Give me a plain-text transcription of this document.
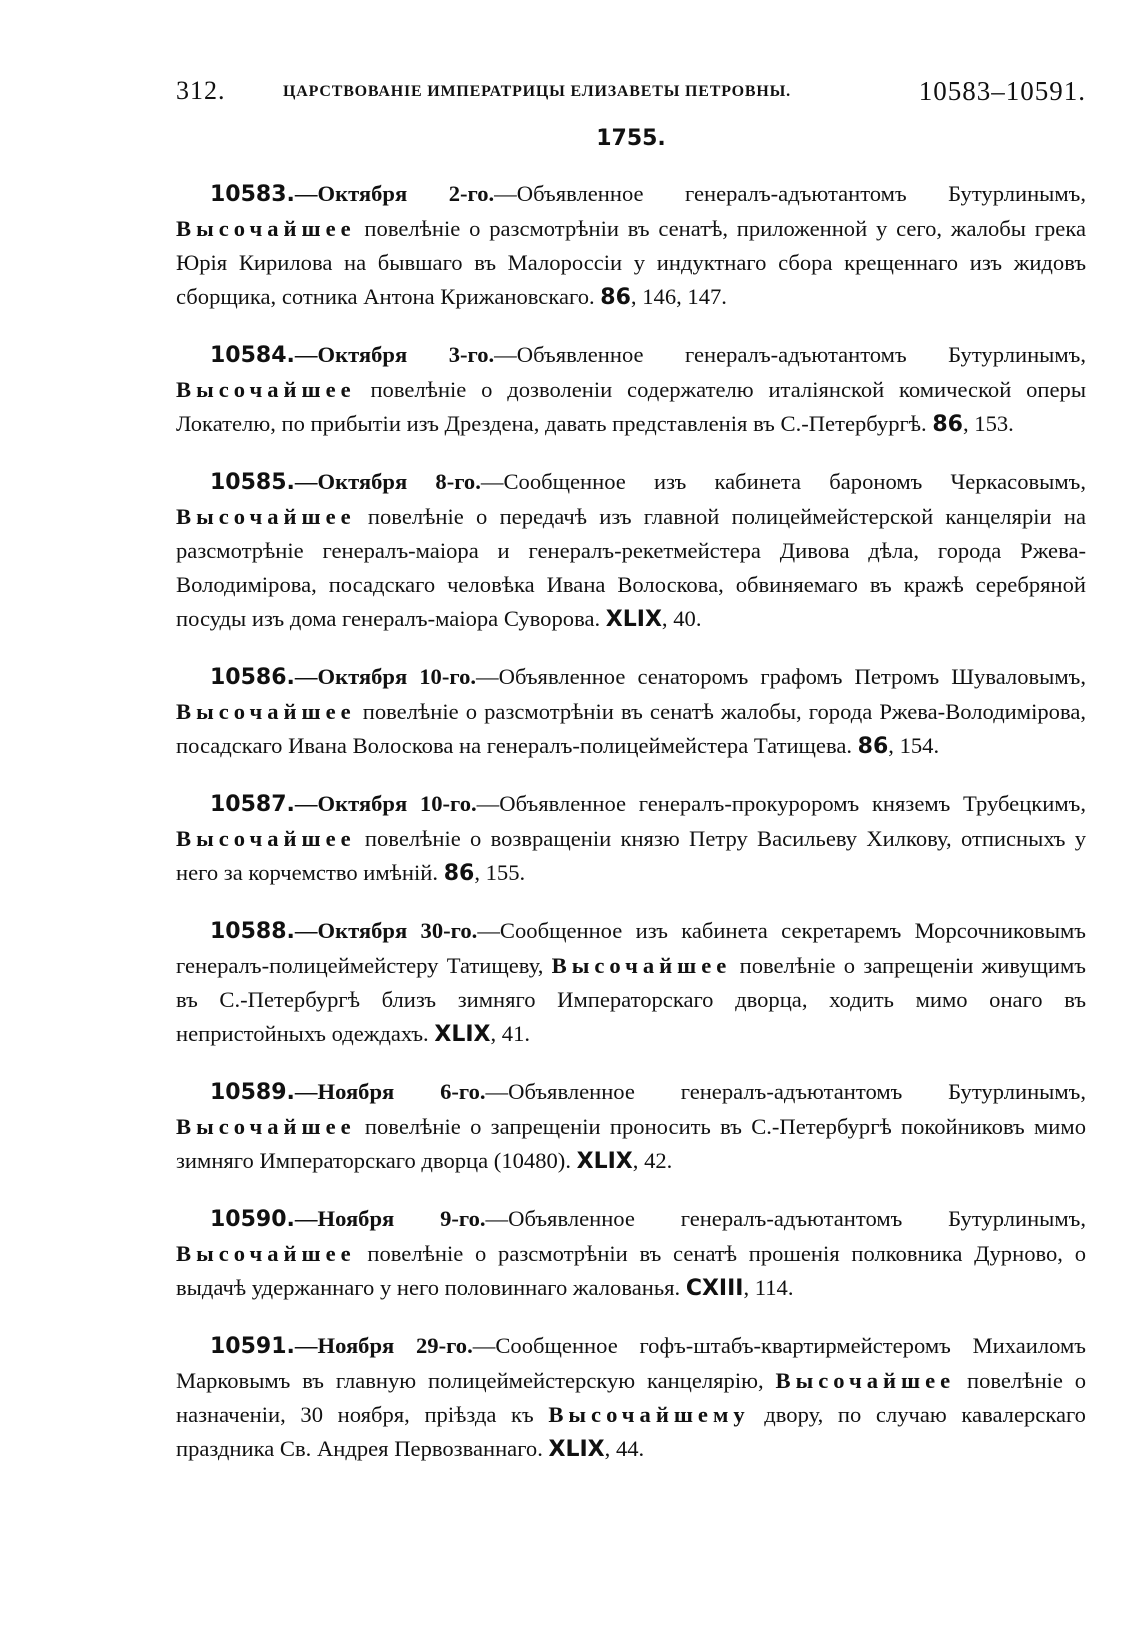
312.	ЦАРСТВОВАНІЕ ИМПЕРАТРИЦЫ ЕЛИЗАВЕТЫ ПЕТРОВНЫ.	10583–10591.
1755.

10583.—Октября 2-го.—Объявленное генералъ-адъютантомъ Бутурлинымъ, Высочайшее повелѣніе о разсмотрѣніи въ сенатѣ, приложенной у сего, жалобы грека Юрія Кирилова на бывшаго въ Малороссіи у индуктнаго сбора крещеннаго изъ жидовъ сборщика, сотника Антона Крижановскаго. 86, 146, 147.

10584.—Октября 3-го.—Объявленное генералъ-адъютантомъ Бутурлинымъ, Высочайшее повелѣніе о дозволеніи содержателю италіянской комической оперы Локателю, по прибытіи изъ Дрездена, давать представленія въ С.-Петербургѣ. 86, 153.

10585.—Октября 8-го.—Сообщенное изъ кабинета барономъ Черкасовымъ, Высочайшее повелѣніе о передачѣ изъ главной полицеймейстерской канцеляріи на разсмотрѣніе генералъ-маіора и генералъ-рекетмейстера Дивова дѣла, города Ржева-Володимірова, посадскаго человѣка Ивана Волоскова, обвиняемаго въ кражѣ серебряной посуды изъ дома генералъ-маіора Суворова. XLIX, 40.

10586.—Октября 10-го.—Объявленное сенаторомъ графомъ Петромъ Шуваловымъ, Высочайшее повелѣніе о разсмотрѣніи въ сенатѣ жалобы, города Ржева-Володимірова, посадскаго Ивана Волоскова на генералъ-полицеймейстера Татищева. 86, 154.

10587.—Октября 10-го.—Объявленное генералъ-прокуроромъ княземъ Трубецкимъ, Высочайшее повелѣніе о возвращеніи князю Петру Васильеву Хилкову, отписныхъ у него за корчемство имѣній. 86, 155.

10588.—Октября 30-го.—Сообщенное изъ кабинета секретаремъ Морсочниковымъ генералъ-полицеймейстеру Татищеву, Высочайшее повелѣніе о запрещеніи живущимъ въ С.-Петербургѣ близъ зимняго Императорскаго дворца, ходить мимо онаго въ непристойныхъ одеждахъ. XLIX, 41.

10589.—Ноября 6-го.—Объявленное генералъ-адъютантомъ Бутурлинымъ, Высочайшее повелѣніе о запрещеніи проносить въ С.-Петербургѣ покойниковъ мимо зимняго Императорскаго дворца (10480). XLIX, 42.

10590.—Ноября 9-го.—Объявленное генералъ-адъютантомъ Бутурлинымъ, Высочайшее повелѣніе о разсмотрѣніи въ сенатѣ прошенія полковника Дурново, о выдачѣ удержаннаго у него половиннаго жалованья. CXIII, 114.

10591.—Ноября 29-го.—Сообщенное гофъ-штабъ-квартирмейстеромъ Михаиломъ Марковымъ въ главную полицеймейстерскую канцелярію, Высочайшее повелѣніе о назначеніи, 30 ноября, пріѣзда къ Высочайшему двору, по случаю кавалерскаго праздника Св. Андрея Первозваннаго. XLIX, 44.
